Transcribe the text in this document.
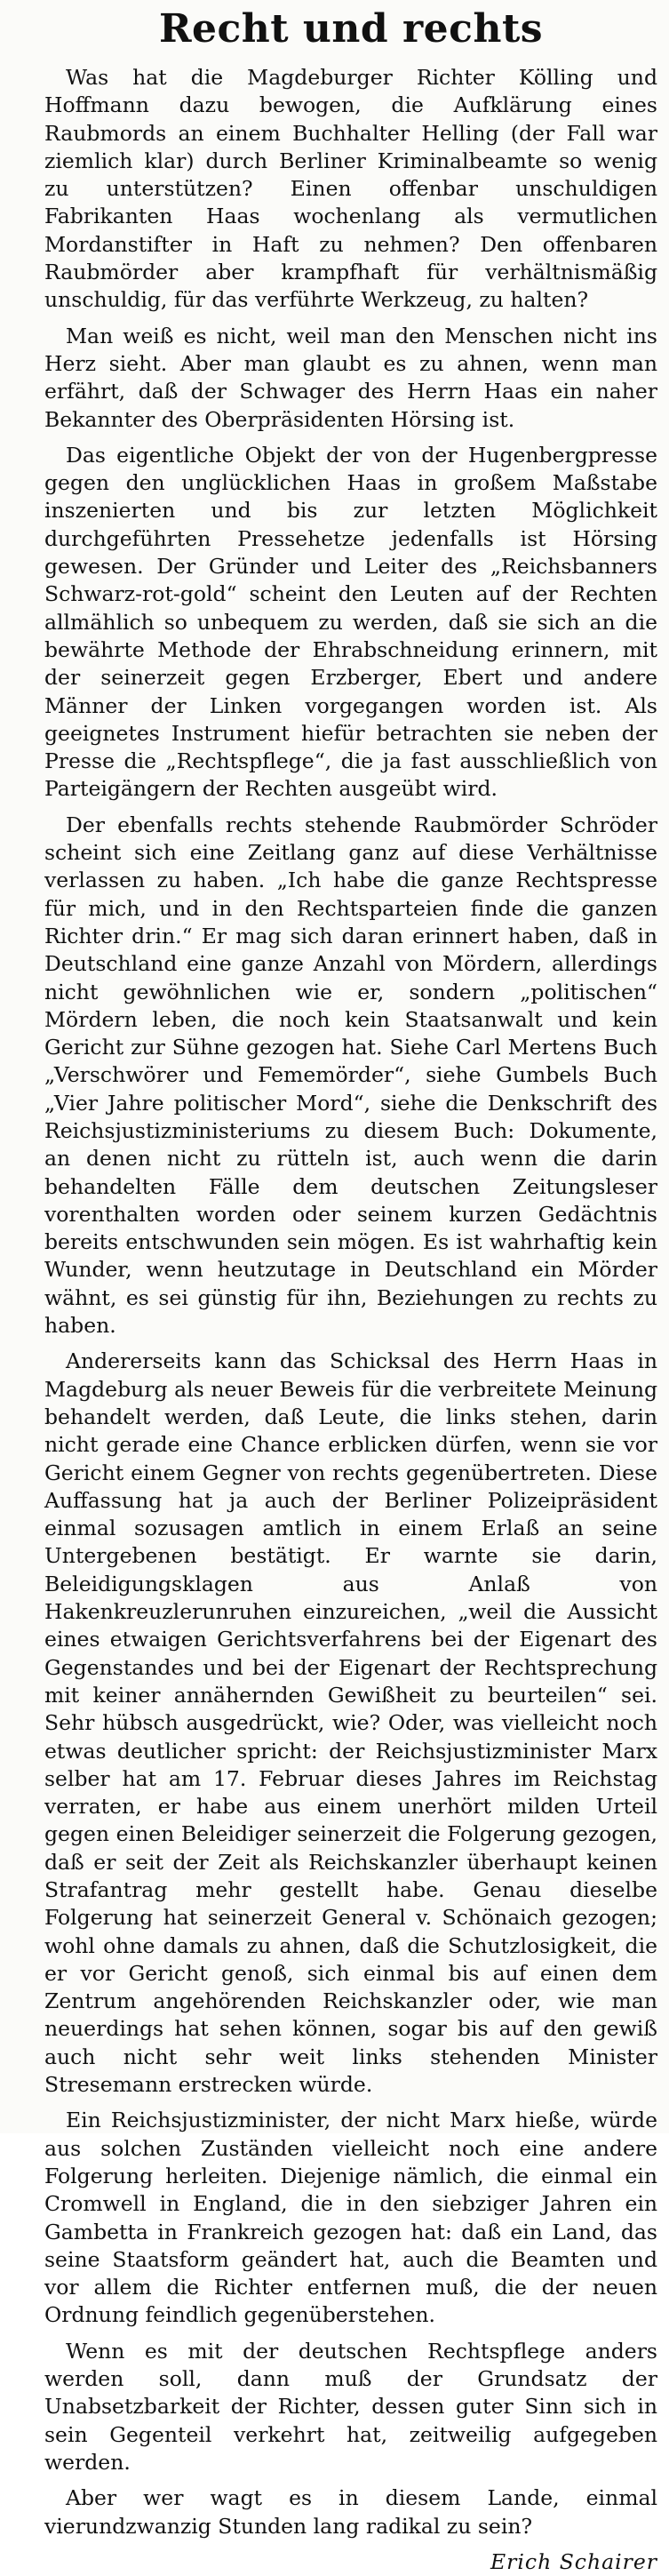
Recht und rechts

Was hat die Magdeburger Richter Kölling und Hoffmann dazu bewogen, die Aufklärung eines Raubmords an einem Buchhalter Helling (der Fall war ziemlich klar) durch Berliner Kriminalbeamte so wenig zu unterstützen? Einen offenbar unschuldigen Fabrikanten Haas wochenlang als vermutlichen Mordanstifter in Haft zu nehmen? Den offenbaren Raubmörder aber krampfhaft für verhältnismäßig unschuldig, für das verführte Werkzeug, zu halten?

Man weiß es nicht, weil man den Menschen nicht ins Herz sieht. Aber man glaubt es zu ahnen, wenn man erfährt, daß der Schwager des Herrn Haas ein naher Bekannter des Oberpräsidenten Hörsing ist.

Das eigentliche Objekt der von der Hugenbergpresse gegen den unglücklichen Haas in großem Maßstabe inszenierten und bis zur letzten Möglichkeit durchgeführten Pressehetze jedenfalls ist Hörsing gewesen. Der Gründer und Leiter des „Reichsbanners Schwarz-rot-gold“ scheint den Leuten auf der Rechten allmählich so unbequem zu werden, daß sie sich an die bewährte Methode der Ehrabschneidung erinnern, mit der seinerzeit gegen Erzberger, Ebert und andere Männer der Linken vorgegangen worden ist. Als geeignetes Instrument hiefür betrachten sie neben der Presse die „Rechtspflege“, die ja fast ausschließlich von Parteigängern der Rechten ausgeübt wird.

Der ebenfalls rechts stehende Raubmörder Schröder scheint sich eine Zeitlang ganz auf diese Verhältnisse verlassen zu haben. „Ich habe die ganze Rechtspresse für mich, und in den Rechtsparteien finde die ganzen Richter drin.“ Er mag sich daran erinnert haben, daß in Deutschland eine ganze Anzahl von Mördern, allerdings nicht gewöhnlichen wie er, sondern „politischen“ Mördern leben, die noch kein Staatsanwalt und kein Gericht zur Sühne gezogen hat. Siehe Carl Mertens Buch „Verschwörer und Fememörder“, siehe Gumbels Buch „Vier Jahre politischer Mord“, siehe die Denkschrift des Reichsjustizministeriums zu diesem Buch: Dokumente, an denen nicht zu rütteln ist, auch wenn die darin behandelten Fälle dem deutschen Zeitungsleser vorenthalten worden oder seinem kurzen Gedächtnis bereits entschwunden sein mögen. Es ist wahrhaftig kein Wunder, wenn heutzutage in Deutschland ein Mörder wähnt, es sei günstig für ihn, Beziehungen zu rechts zu haben.

Andererseits kann das Schicksal des Herrn Haas in Magdeburg als neuer Beweis für die verbreitete Meinung behandelt werden, daß Leute, die links stehen, darin nicht gerade eine Chance erblicken dürfen, wenn sie vor Gericht einem Gegner von rechts gegenübertreten. Diese Auffassung hat ja auch der Berliner Polizeipräsident einmal sozusagen amtlich in einem Erlaß an seine Untergebenen bestätigt. Er warnte sie darin, Beleidigungsklagen aus Anlaß von Hakenkreuzlerunruhen einzureichen, „weil die Aussicht eines etwaigen Gerichtsverfahrens bei der Eigenart des Gegenstandes und bei der Eigenart der Rechtsprechung mit keiner annähernden Gewißheit zu beurteilen“ sei. Sehr hübsch ausgedrückt, wie? Oder, was vielleicht noch etwas deutlicher spricht: der Reichsjustizminister Marx selber hat am 17. Februar dieses Jahres im Reichstag verraten, er habe aus einem unerhört milden Urteil gegen einen Beleidiger seinerzeit die Folgerung gezogen, daß er seit der Zeit als Reichskanzler überhaupt keinen Strafantrag mehr gestellt habe. Genau dieselbe Folgerung hat seinerzeit General v. Schönaich gezogen; wohl ohne damals zu ahnen, daß die Schutzlosigkeit, die er vor Gericht genoß, sich einmal bis auf einen dem Zentrum angehörenden Reichskanzler oder, wie man neuerdings hat sehen können, sogar bis auf den gewiß auch nicht sehr weit links stehenden Minister Stresemann erstrecken würde.

Ein Reichsjustizminister, der nicht Marx hieße, würde aus solchen Zuständen vielleicht noch eine andere Folgerung herleiten. Diejenige nämlich, die einmal ein Cromwell in England, die in den siebziger Jahren ein Gambetta in Frankreich gezogen hat: daß ein Land, das seine Staatsform geändert hat, auch die Beamten und vor allem die Richter entfernen muß, die der neuen Ordnung feindlich gegenüberstehen.

Wenn es mit der deutschen Rechtspflege anders werden soll, dann muß der Grundsatz der Unabsetzbarkeit der Richter, dessen guter Sinn sich in sein Gegenteil verkehrt hat, zeitweilig aufgegeben werden.

Aber wer wagt es in diesem Lande, einmal vierundzwanzig Stunden lang radikal zu sein?

Erich Schairer
